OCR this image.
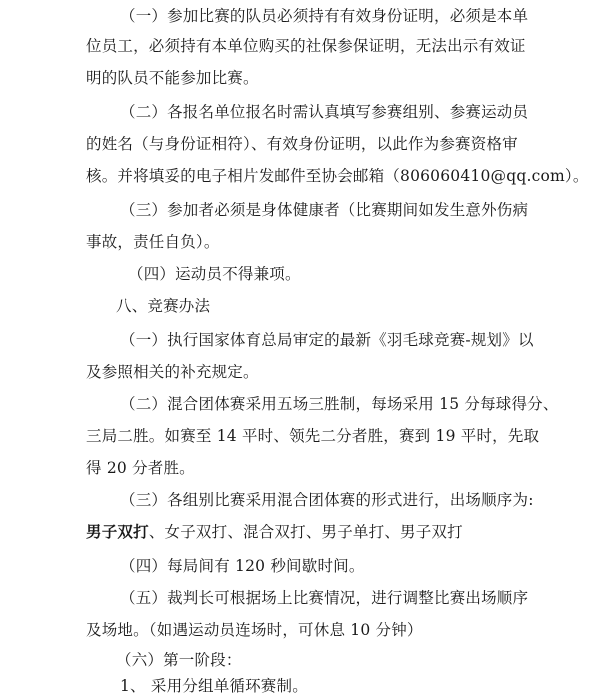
（一）参加比赛的队员必须持有有效身份证明，必须是本单
位员工，必须持有本单位购买的社保参保证明，无法出示有效证
明的队员不能参加比赛。
（二）各报名单位报名时需认真填写参赛组别、参赛运动员
的姓名（与身份证相符）、有效身份证明，以此作为参赛资格审
核。并将填妥的电子相片发邮件至协会邮箱（806060410@qq.com）。
（三）参加者必须是身体健康者（比赛期间如发生意外伤病
事故，责任自负）。
（四）运动员不得兼项。
八、竞赛办法
（一）执行国家体育总局审定的最新《羽毛球竞赛-规划》以
及参照相关的补充规定。
（二）混合团体赛采用五场三胜制，每场采用 15 分每球得分、
三局二胜。如赛至 14 平时、领先二分者胜，赛到 19 平时，先取
得 20 分者胜。
（三）各组别比赛采用混合团体赛的形式进行，出场顺序为:
男子双打、女子双打、混合双打、男子单打、男子双打
（四）每局间有 120 秒间歇时间。
（五）裁判长可根据场上比赛情况，进行调整比赛出场顺序
及场地。（如遇运动员连场时，可休息 10 分钟）
（六）第一阶段：
1、 采用分组单循环赛制。
